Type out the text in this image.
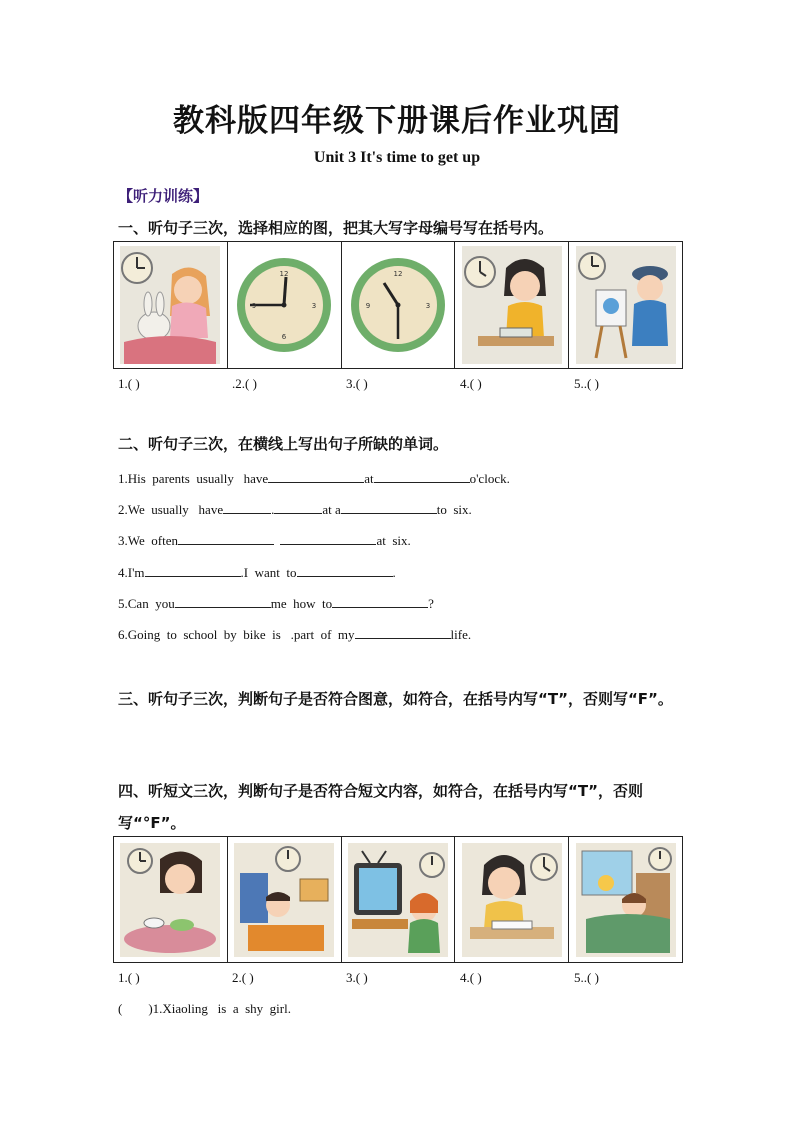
教科版四年级下册课后作业巩固
Unit 3 It's time to get up
【听力训练】
一、听句子三次，选择相应的图，把其大写字母编号写在括号内。
12
3
6
9
12
3
9
1.( )	.2.( )	3.( )	4.( )	5..( )
二、听句子三次，在横线上写出句子所缺的单词。
1.His  parents  usually   have	at	o'clock.
2.We  usually   have	.	at a	to  six.
3.We  often	at  six.
4.I'm	.I  want  to	.
5.Can  you	me  how  to	?
6.Going  to  school  by  bike  is   .part  of  my	life.
三、听句子三次，判断句子是否符合图意，如符合，在括号内写“T”，否则写“F”。
四、听短文三次，判断句子是否符合短文内容，如符合，在括号内写“T”，否则写“°F”。
1.( )	2.( )	3.( )	4.( )	5..( )
(        )1.Xiaoling   is  a  shy  girl.
